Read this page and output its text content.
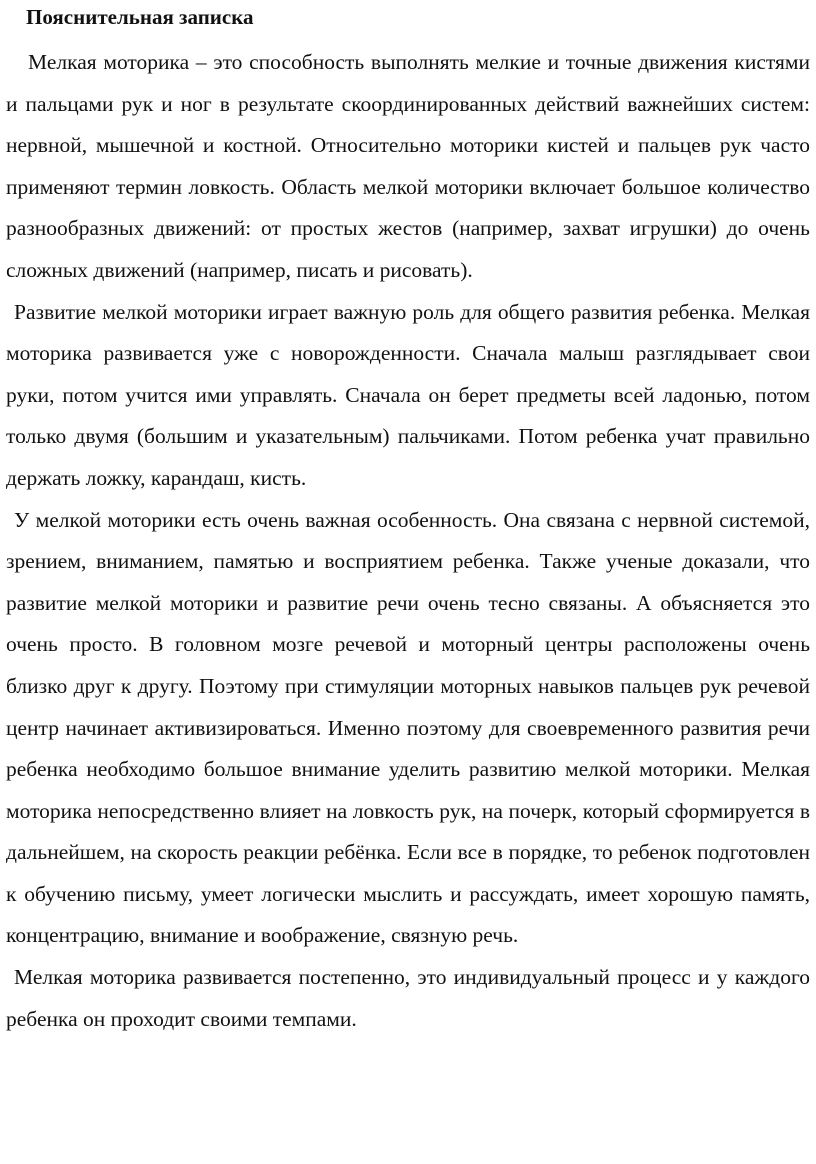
Пояснительная записка

Мелкая моторика – это способность выполнять мелкие и точные движения кистями и пальцами рук и ног в результате скоординированных действий важнейших систем: нервной, мышечной и костной. Относительно моторики кистей и пальцев рук часто применяют термин ловкость. Область мелкой моторики включает большое количество разнообразных движений: от простых жестов (например, захват игрушки) до очень сложных движений (например, писать и рисовать).

Развитие мелкой моторики играет важную роль для общего развития ребенка. Мелкая моторика развивается уже с новорожденности. Сначала малыш разглядывает свои руки, потом учится ими управлять. Сначала он берет предметы всей ладонью, потом только двумя (большим и указательным) пальчиками. Потом ребенка учат правильно держать ложку, карандаш, кисть.

У мелкой моторики есть очень важная особенность. Она связана с нервной системой, зрением, вниманием, памятью и восприятием ребенка. Также ученые доказали, что развитие мелкой моторики и развитие речи очень тесно связаны. А объясняется это очень просто. В головном мозге речевой и моторный центры расположены очень близко друг к другу. Поэтому при стимуляции моторных навыков пальцев рук речевой центр начинает активизироваться. Именно поэтому для своевременного развития речи ребенка необходимо большое внимание уделить развитию мелкой моторики. Мелкая моторика непосредственно влияет на ловкость рук, на почерк, который сформируется в дальнейшем, на скорость реакции ребёнка. Если все в порядке, то ребенок подготовлен к обучению письму, умеет логически мыслить и рассуждать, имеет хорошую память, концентрацию, внимание и воображение, связную речь.

Мелкая моторика развивается постепенно, это индивидуальный процесс и у каждого ребенка он проходит своими темпами.
